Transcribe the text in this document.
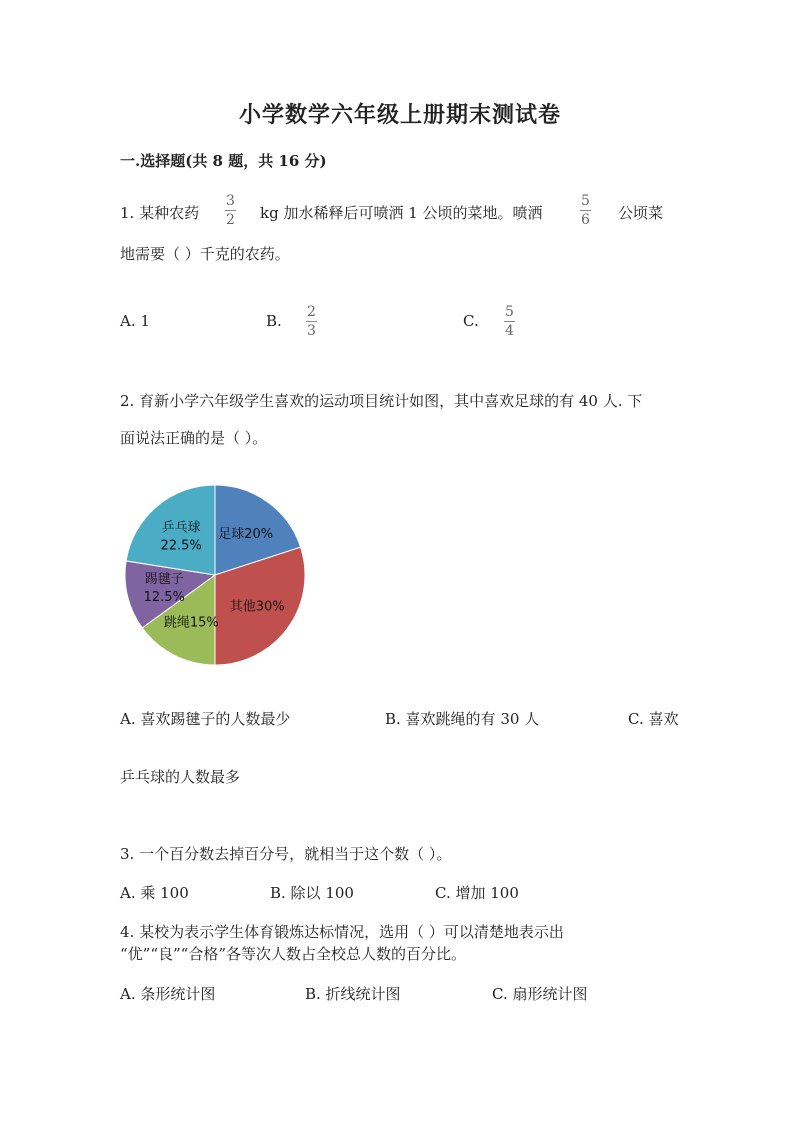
小学数学六年级上册期末测试卷
一.选择题(共 8 题，共 16 分)
1. 某种农药
3
2 kg 加水稀释后可喷洒 1 公顷的菜地。喷洒
5
6 公顷菜
地需要（ ）千克的农药。
A. 1	B. 2
3
C. 5
4
2. 育新小学六年级学生喜欢的运动项目统计如图，其中喜欢足球的有 40 人. 下
面说法正确的是（ ）。
足球20%
其他30%
跳绳15%
踢毽子
12.5%
乒乓球
22.5%
A. 喜欢踢毽子的人数最少	B. 喜欢跳绳的有 30 人	C. 喜欢
乒乓球的人数最多
3. 一个百分数去掉百分号，就相当于这个数（ ）。
A. 乘 100	B. 除以 100	C. 增加 100
4. 某校为表示学生体育锻炼达标情况，选用（ ）可以清楚地表示出
“优”“良”“合格”各等次人数占全校总人数的百分比。
A. 条形统计图	B. 折线统计图	C. 扇形统计图
